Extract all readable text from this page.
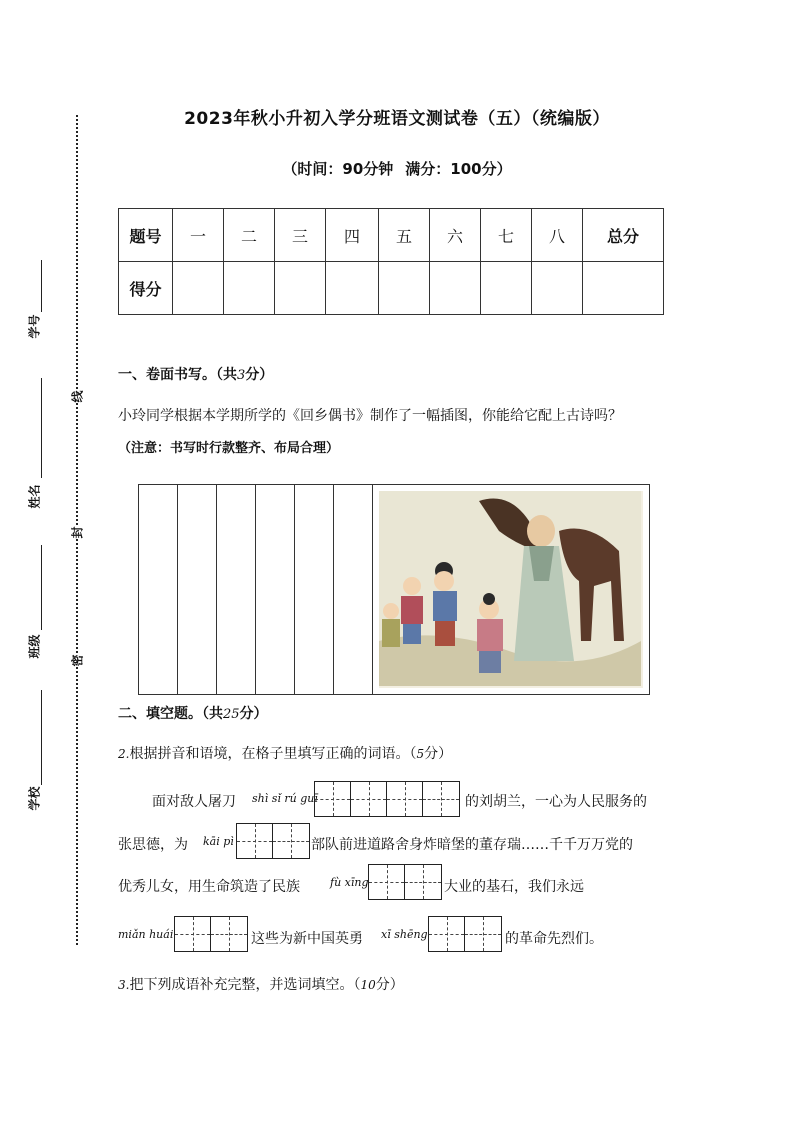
线
封
密
学号
姓名
班级
学校
2023年秋小升初入学分班语文测试卷（五）（统编版）
（时间：90分钟 满分：100分）
题号	一	二	三	四	五	六	七	八	总分
得分									
一、卷面书写。（共3分）
小玲同学根据本学期所学的《回乡偶书》制作了一幅插图，你能给它配上古诗吗？
（注意：书写时行款整齐、布局合理）
二、填空题。（共25分）
2.根据拼音和语境，在格子里填写正确的词语。（5分）
面对敌人屠刀 shì sǐ rú guī	的刘胡兰，一心为人民服务的
张思德，为 kāi pì	部队前进道路舍身炸暗堡的董存瑞……千千万万党的
优秀儿女，用生命筑造了民族	fù xīng	大业的基石，我们永远
miǎn huái	这些为新中国英勇 xī shēng	的革命先烈们。
3.把下列成语补充完整，并选词填空。（10分）
